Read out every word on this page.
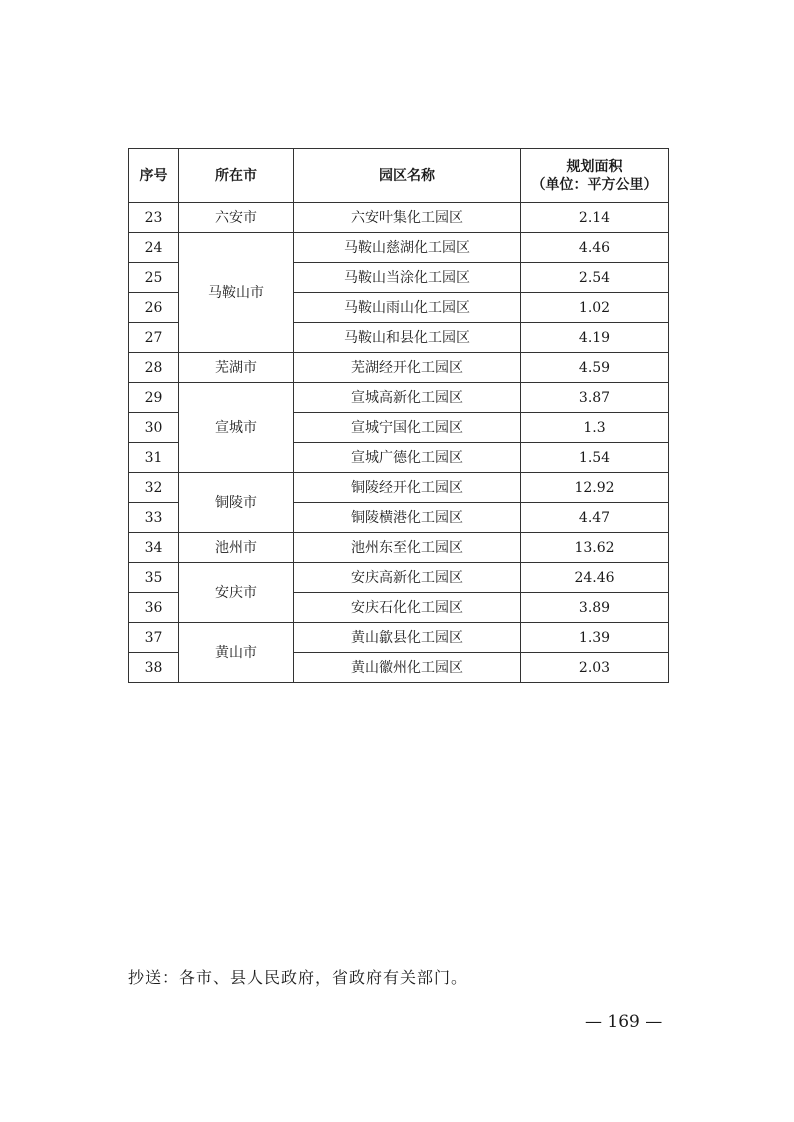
序号	所在市	园区名称	规划面积
（单位：平方公里）

23	六安市	六安叶集化工园区	2.14
24	马鞍山市	马鞍山慈湖化工园区	4.46
25		马鞍山当涂化工园区	2.54
26		马鞍山雨山化工园区	1.02
27		马鞍山和县化工园区	4.19
28	芜湖市	芜湖经开化工园区	4.59
29	宣城市	宣城高新化工园区	3.87
30		宣城宁国化工园区	1.3
31		宣城广德化工园区	1.54
32	铜陵市	铜陵经开化工园区	12.92
33		铜陵横港化工园区	4.47
34	池州市	池州东至化工园区	13.62
35	安庆市	安庆高新化工园区	24.46
36		安庆石化化工园区	3.89
37	黄山市	黄山歙县化工园区	1.39
38		黄山徽州化工园区	2.03
抄送：各市、县人民政府，省政府有关部门。
— 169 —
